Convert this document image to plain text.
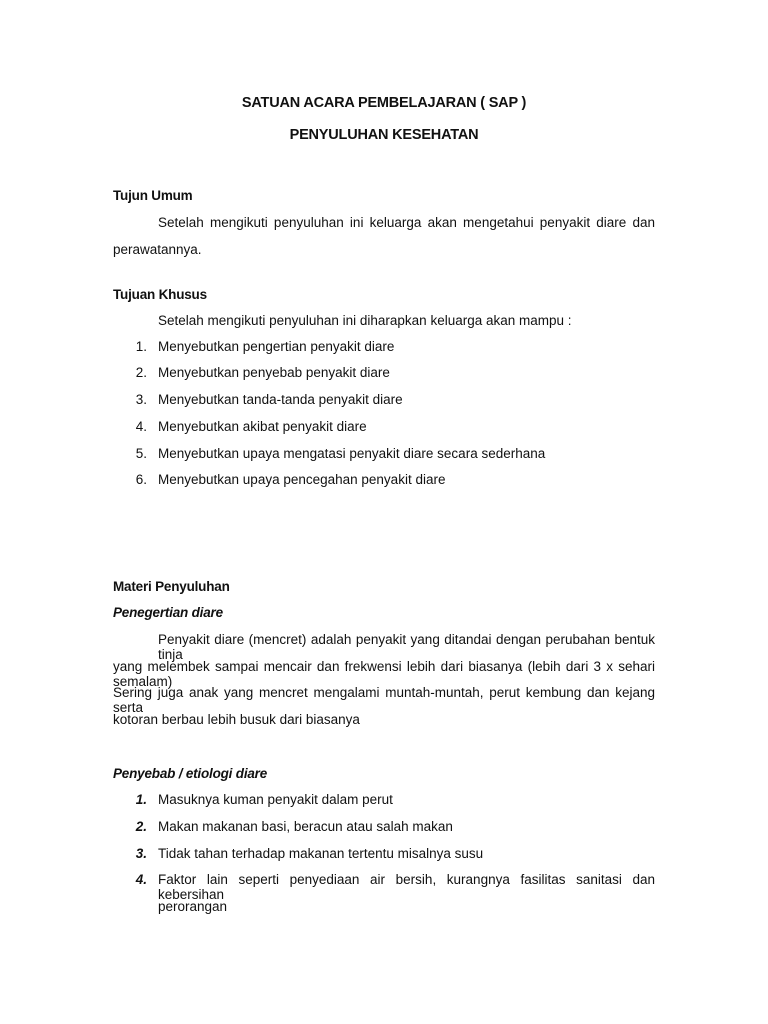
SATUAN ACARA PEMBELAJARAN ( SAP )
PENYULUHAN KESEHATAN
Tujun Umum
Setelah mengikuti penyuluhan ini keluarga akan mengetahui penyakit diare dan
perawatannya.
Tujuan Khusus
Setelah mengikuti penyuluhan ini diharapkan keluarga akan mampu :
1. Menyebutkan pengertian penyakit diare
2. Menyebutkan penyebab penyakit diare
3. Menyebutkan tanda-tanda penyakit diare
4. Menyebutkan akibat penyakit diare
5. Menyebutkan upaya mengatasi penyakit diare secara sederhana
6. Menyebutkan upaya pencegahan penyakit diare
Materi Penyuluhan
Penegertian diare
Penyakit diare (mencret) adalah penyakit yang ditandai dengan perubahan bentuk tinja
yang melembek sampai mencair dan frekwensi lebih dari biasanya (lebih dari 3 x sehari semalam)
Sering juga anak yang mencret mengalami muntah-muntah, perut kembung dan kejang serta
kotoran berbau lebih busuk dari biasanya
Penyebab / etiologi diare
1. Masuknya kuman penyakit dalam perut
2. Makan makanan basi, beracun atau salah makan
3. Tidak tahan terhadap makanan tertentu misalnya susu
4. Faktor lain seperti penyediaan air bersih, kurangnya fasilitas sanitasi dan kebersihan
perorangan
